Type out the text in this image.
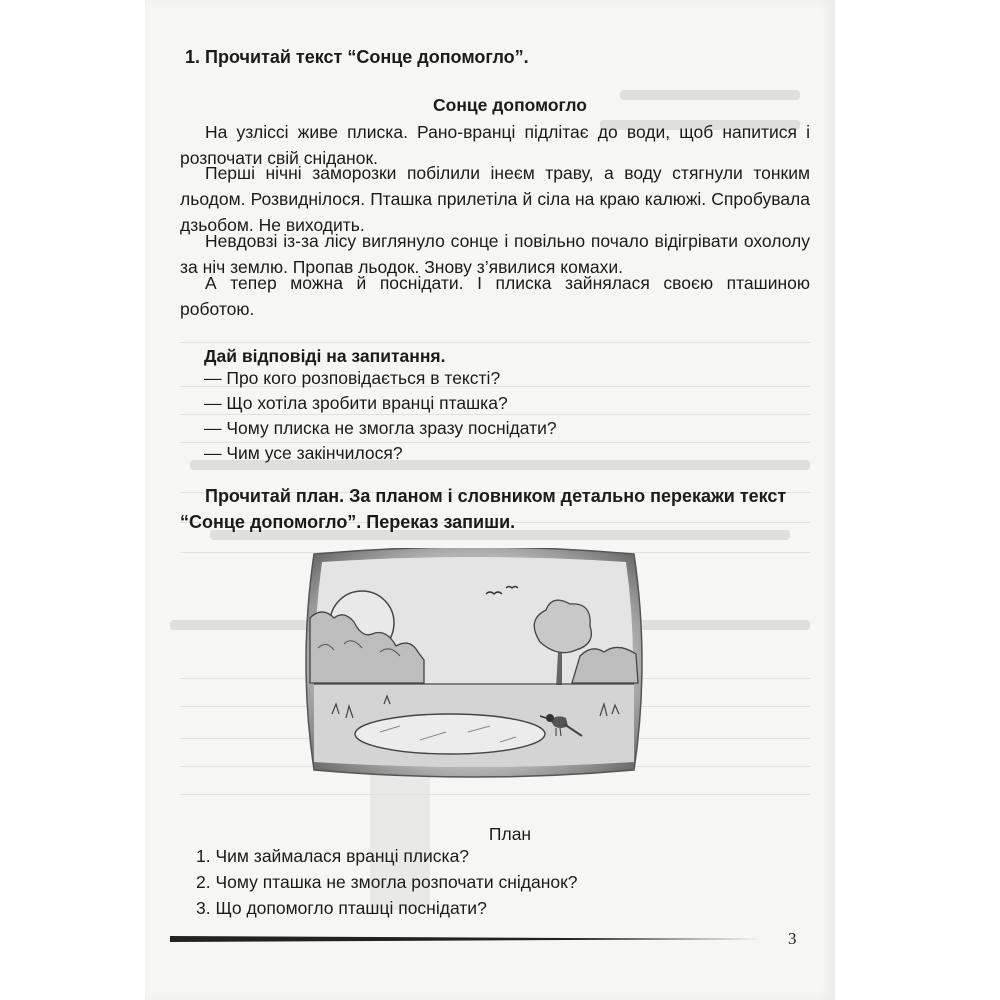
1. Прочитай текст “Сонце допомогло”.

Сонце допомогло

На узліссі живе плиска. Рано-вранці підлітає до води, щоб напитися і розпочати свій сніданок.

Перші нічні заморозки побілили інеєм траву, а воду стягнули тонким льодом. Розвиднілося. Пташка прилетіла й сіла на краю калюжі. Спробувала дзьобом. Не виходить.

Невдовзі із-за лісу виглянуло сонце і повільно почало відігрівати охололу за ніч землю. Пропав льодок. Знову з’явилися комахи.

А тепер можна й поснідати. І плиска зайнялася своєю пташиною роботою.

Дай відповіді на запитання.

— Про кого розповідається в тексті?
— Що хотіла зробити вранці пташка?
— Чому плиска не змогла зразу поснідати?
— Чим усе закінчилося?

Прочитай план. За планом і словником детально перекажи текст “Сонце допомогло”. Переказ запиши.

План

1. Чим займалася вранці плиска?
2. Чому пташка не змогла розпочати сніданок?
3. Що допомогло пташці поснідати?

3
